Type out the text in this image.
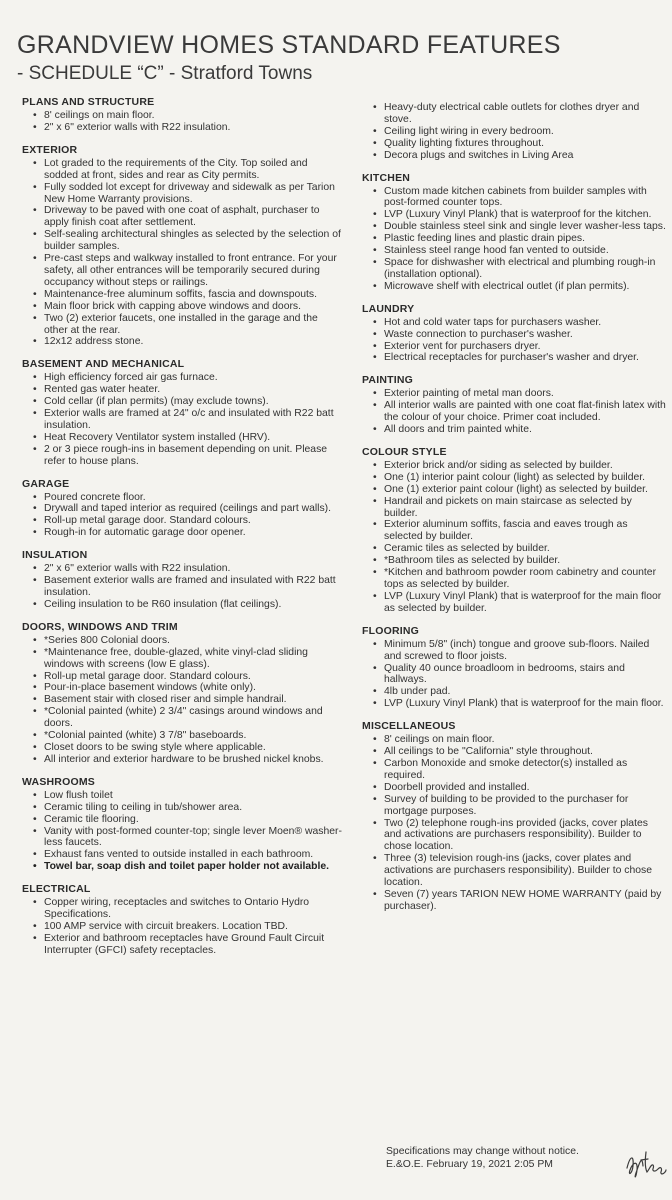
GRANDVIEW HOMES STANDARD FEATURES
- SCHEDULE “C” - Stratford Towns
PLANS AND STRUCTURE
• 8' ceilings on main floor.
• 2" x 6" exterior walls with R22 insulation.
EXTERIOR
• Lot graded to the requirements of the City. Top soiled and sodded at front, sides and rear as City permits.
• Fully sodded lot except for driveway and sidewalk as per Tarion New Home Warranty provisions.
• Driveway to be paved with one coat of asphalt, purchaser to apply finish coat after settlement.
• Self-sealing architectural shingles as selected by the selection of builder samples.
• Pre-cast steps and walkway installed to front entrance. For your safety, all other entrances will be temporarily secured during occupancy without steps or railings.
• Maintenance-free aluminum soffits, fascia and downspouts.
• Main floor brick with capping above windows and doors.
• Two (2) exterior faucets, one installed in the garage and the other at the rear.
• 12x12 address stone.
BASEMENT AND MECHANICAL
• High efficiency forced air gas furnace.
• Rented gas water heater.
• Cold cellar (if plan permits) (may exclude towns).
• Exterior walls are framed at 24" o/c and insulated with R22 batt insulation.
• Heat Recovery Ventilator system installed (HRV).
• 2 or 3 piece rough-ins in basement depending on unit. Please refer to house plans.
GARAGE
• Poured concrete floor.
• Drywall and taped interior as required (ceilings and part walls).
• Roll-up metal garage door. Standard colours.
• Rough-in for automatic garage door opener.
INSULATION
• 2" x 6" exterior walls with R22 insulation.
• Basement exterior walls are framed and insulated with R22 batt insulation.
• Ceiling insulation to be R60 insulation (flat ceilings).
DOORS, WINDOWS AND TRIM
• *Series 800 Colonial doors.
• *Maintenance free, double-glazed, white vinyl-clad sliding windows with screens (low E glass).
• Roll-up metal garage door. Standard colours.
• Pour-in-place basement windows (white only).
• Basement stair with closed riser and simple handrail.
• *Colonial painted (white) 2 3/4" casings around windows and doors.
• *Colonial painted (white) 3 7/8" baseboards.
• Closet doors to be swing style where applicable.
• All interior and exterior hardware to be brushed nickel knobs.
WASHROOMS
• Low flush toilet
• Ceramic tiling to ceiling in tub/shower area.
• Ceramic tile flooring.
• Vanity with post-formed counter-top; single lever Moen® washer-less faucets.
• Exhaust fans vented to outside installed in each bathroom.
• Towel bar, soap dish and toilet paper holder not available.
ELECTRICAL
• Copper wiring, receptacles and switches to Ontario Hydro Specifications.
• 100 AMP service with circuit breakers. Location TBD.
• Exterior and bathroom receptacles have Ground Fault Circuit Interrupter (GFCI) safety receptacles.
• Heavy-duty electrical cable outlets for clothes dryer and stove.
• Ceiling light wiring in every bedroom.
• Quality lighting fixtures throughout.
• Decora plugs and switches in Living Area
KITCHEN
• Custom made kitchen cabinets from builder samples with post-formed counter tops.
• LVP (Luxury Vinyl Plank) that is waterproof for the kitchen.
• Double stainless steel sink and single lever washer-less taps.
• Plastic feeding lines and plastic drain pipes.
• Stainless steel range hood fan vented to outside.
• Space for dishwasher with electrical and plumbing rough-in (installation optional).
• Microwave shelf with electrical outlet (if plan permits).
LAUNDRY
• Hot and cold water taps for purchasers washer.
• Waste connection to purchaser's washer.
• Exterior vent for purchasers dryer.
• Electrical receptacles for purchaser's washer and dryer.
PAINTING
• Exterior painting of metal man doors.
• All interior walls are painted with one coat flat-finish latex with the colour of your choice. Primer coat included.
• All doors and trim painted white.
COLOUR STYLE
• Exterior brick and/or siding as selected by builder.
• One (1) interior paint colour (light) as selected by builder.
• One (1) exterior paint colour (light) as selected by builder.
• Handrail and pickets on main staircase as selected by builder.
• Exterior aluminum soffits, fascia and eaves trough as selected by builder.
• Ceramic tiles as selected by builder.
• *Bathroom tiles as selected by builder.
• *Kitchen and bathroom powder room cabinetry and counter tops as selected by builder.
• LVP (Luxury Vinyl Plank) that is waterproof for the main floor as selected by builder.
FLOORING
• Minimum 5/8" (inch) tongue and groove sub-floors. Nailed and screwed to floor joists.
• Quality 40 ounce broadloom in bedrooms, stairs and hallways.
• 4lb under pad.
• LVP (Luxury Vinyl Plank) that is waterproof for the main floor.
MISCELLANEOUS
• 8' ceilings on main floor.
• All ceilings to be "California" style throughout.
• Carbon Monoxide and smoke detector(s) installed as required.
• Doorbell provided and installed.
• Survey of building to be provided to the purchaser for mortgage purposes.
• Two (2) telephone rough-ins provided (jacks, cover plates and activations are purchasers responsibility). Builder to chose location.
• Three (3) television rough-ins (jacks, cover plates and activations are purchasers responsibility). Builder to chose location.
• Seven (7) years TARION NEW HOME WARRANTY (paid by purchaser).
Specifications may change without notice.
E.&O.E. February 19, 2021 2:05 PM
